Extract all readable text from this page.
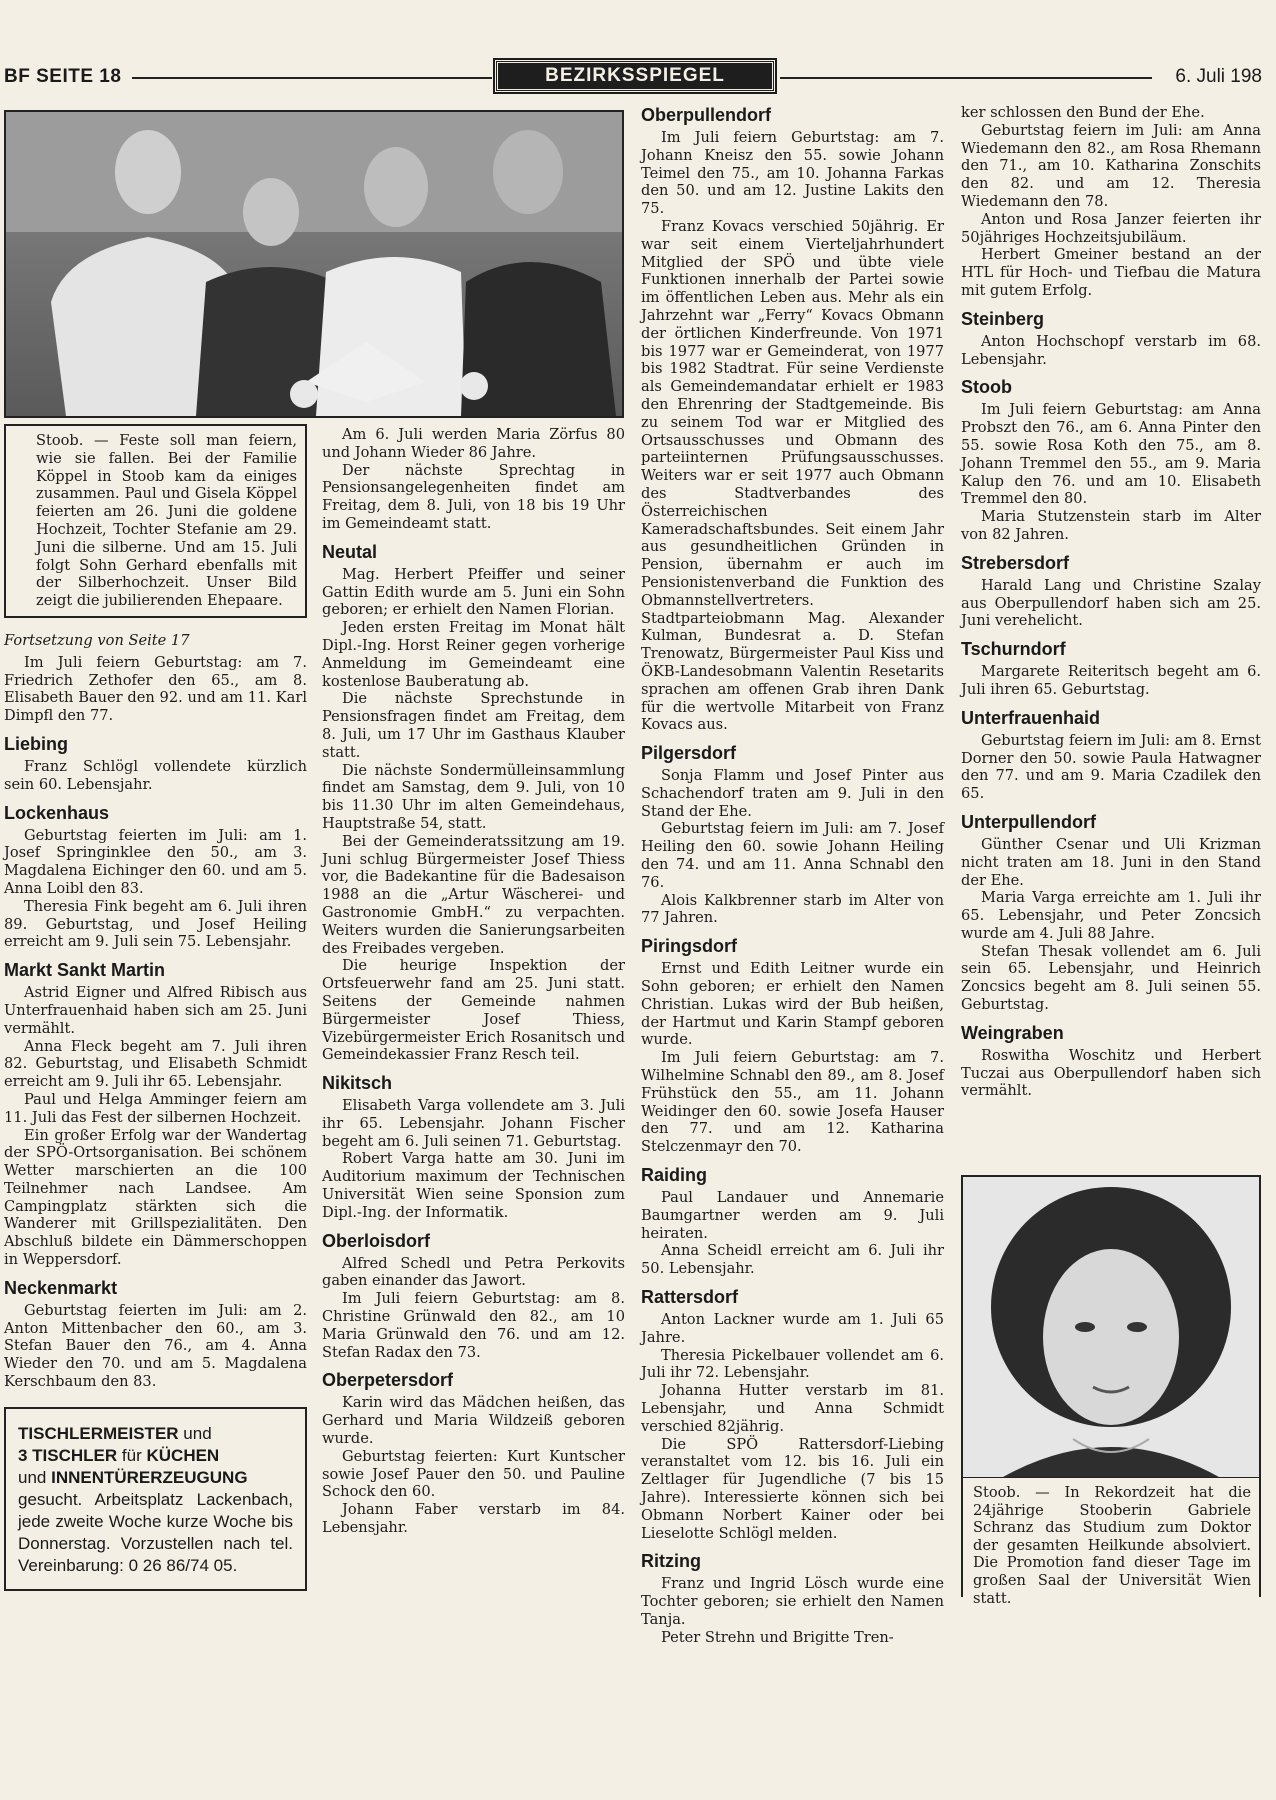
BF SEITE 18	BEZIRKSSPIEGEL	6. Juli 198

Stoob. — Feste soll man feiern, wie sie fallen. Bei der Familie Köppel in Stoob kam da einiges zusammen. Paul und Gisela Köppel feierten am 26. Juni die goldene Hochzeit, Tochter Stefanie am 29. Juni die silberne. Und am 15. Juli folgt Sohn Gerhard ebenfalls mit der Silberhochzeit. Unser Bild zeigt die jubilierenden Ehepaare.

Fortsetzung von Seite 17

Im Juli feiern Geburtstag: am 7. Friedrich Zethofer den 65., am 8. Elisabeth Bauer den 92. und am 11. Karl Dimpfl den 77.

Liebing

Franz Schlögl vollendete kürzlich sein 60. Lebensjahr.

Lockenhaus

Geburtstag feierten im Juli: am 1. Josef Springinklee den 50., am 3. Magdalena Eichinger den 60. und am 5. Anna Loibl den 83.

Theresia Fink begeht am 6. Juli ihren 89. Geburtstag, und Josef Heiling erreicht am 9. Juli sein 75. Lebensjahr.

Markt Sankt Martin

Astrid Eigner und Alfred Ribisch aus Unterfrauenhaid haben sich am 25. Juni vermählt.

Anna Fleck begeht am 7. Juli ihren 82. Geburtstag, und Elisabeth Schmidt erreicht am 9. Juli ihr 65. Lebensjahr.

Paul und Helga Amminger feiern am 11. Juli das Fest der silbernen Hochzeit.

Ein großer Erfolg war der Wandertag der SPÖ-Ortsorganisation. Bei schönem Wetter marschierten an die 100 Teilnehmer nach Landsee. Am Campingplatz stärkten sich die Wanderer mit Grillspezialitäten. Den Abschluß bildete ein Dämmerschoppen in Weppersdorf.

Neckenmarkt

Geburtstag feierten im Juli: am 2. Anton Mittenbacher den 60., am 3. Stefan Bauer den 76., am 4. Anna Wieder den 70. und am 5. Magdalena Kerschbaum den 83.

TISCHLERMEISTER und
3 TISCHLER für KÜCHEN
und INNENTÜRERZEUGUNG
gesucht. Arbeitsplatz Lackenbach, jede zweite Woche kurze Woche bis Donnerstag. Vorzustellen nach tel. Vereinbarung: 0 26 86/74 05.

Am 6. Juli werden Maria Zörfus 80 und Johann Wieder 86 Jahre.

Der nächste Sprechtag in Pensionsangelegenheiten findet am Freitag, dem 8. Juli, von 18 bis 19 Uhr im Gemeindeamt statt.

Neutal

Mag. Herbert Pfeiffer und seiner Gattin Edith wurde am 5. Juni ein Sohn geboren; er erhielt den Namen Florian.

Jeden ersten Freitag im Monat hält Dipl.-Ing. Horst Reiner gegen vorherige Anmeldung im Gemeindeamt eine kostenlose Bauberatung ab.

Die nächste Sprechstunde in Pensionsfragen findet am Freitag, dem 8. Juli, um 17 Uhr im Gasthaus Klauber statt.

Die nächste Sondermülleinsammlung findet am Samstag, dem 9. Juli, von 10 bis 11.30 Uhr im alten Gemeindehaus, Hauptstraße 54, statt.

Bei der Gemeinderatssitzung am 19. Juni schlug Bürgermeister Josef Thiess vor, die Badekantine für die Badesaison 1988 an die „Artur Wäscherei- und Gastronomie GmbH.“ zu verpachten. Weiters wurden die Sanierungsarbeiten des Freibades vergeben.

Die heurige Inspektion der Ortsfeuerwehr fand am 25. Juni statt. Seitens der Gemeinde nahmen Bürgermeister Josef Thiess, Vizebürgermeister Erich Rosanitsch und Gemeindekassier Franz Resch teil.

Nikitsch

Elisabeth Varga vollendete am 3. Juli ihr 65. Lebensjahr. Johann Fischer begeht am 6. Juli seinen 71. Geburtstag.

Robert Varga hatte am 30. Juni im Auditorium maximum der Technischen Universität Wien seine Sponsion zum Dipl.-Ing. der Informatik.

Oberloisdorf

Alfred Schedl und Petra Perkovits gaben einander das Jawort.

Im Juli feiern Geburtstag: am 8. Christine Grünwald den 82., am 10 Maria Grünwald den 76. und am 12. Stefan Radax den 73.

Oberpetersdorf

Karin wird das Mädchen heißen, das Gerhard und Maria Wildzeiß geboren wurde.

Geburtstag feierten: Kurt Kuntscher sowie Josef Pauer den 50. und Pauline Schock den 60.

Johann Faber verstarb im 84. Lebensjahr.

Oberpullendorf

Im Juli feiern Geburtstag: am 7. Johann Kneisz den 55. sowie Johann Teimel den 75., am 10. Johanna Farkas den 50. und am 12. Justine Lakits den 75.

Franz Kovacs verschied 50jährig. Er war seit einem Vierteljahrhundert Mitglied der SPÖ und übte viele Funktionen innerhalb der Partei sowie im öffentlichen Leben aus. Mehr als ein Jahrzehnt war „Ferry“ Kovacs Obmann der örtlichen Kinderfreunde. Von 1971 bis 1977 war er Gemeinderat, von 1977 bis 1982 Stadtrat. Für seine Verdienste als Gemeindemandatar erhielt er 1983 den Ehrenring der Stadtgemeinde. Bis zu seinem Tod war er Mitglied des Ortsausschusses und Obmann des parteiinternen Prüfungsausschusses. Weiters war er seit 1977 auch Obmann des Stadtverbandes des Österreichischen Kameradschaftsbundes. Seit einem Jahr aus gesundheitlichen Gründen in Pension, übernahm er auch im Pensionistenverband die Funktion des Obmannstellvertreters. Stadtparteiobmann Mag. Alexander Kulman, Bundesrat a. D. Stefan Trenowatz, Bürgermeister Paul Kiss und ÖKB-Landesobmann Valentin Resetarits sprachen am offenen Grab ihren Dank für die wertvolle Mitarbeit von Franz Kovacs aus.

Pilgersdorf

Sonja Flamm und Josef Pinter aus Schachendorf traten am 9. Juli in den Stand der Ehe.

Geburtstag feiern im Juli: am 7. Josef Heiling den 60. sowie Johann Heiling den 74. und am 11. Anna Schnabl den 76.

Alois Kalkbrenner starb im Alter von 77 Jahren.

Piringsdorf

Ernst und Edith Leitner wurde ein Sohn geboren; er erhielt den Namen Christian. Lukas wird der Bub heißen, der Hartmut und Karin Stampf geboren wurde.

Im Juli feiern Geburtstag: am 7. Wilhelmine Schnabl den 89., am 8. Josef Frühstück den 55., am 11. Johann Weidinger den 60. sowie Josefa Hauser den 77. und am 12. Katharina Stelczenmayr den 70.

Raiding

Paul Landauer und Annemarie Baumgartner werden am 9. Juli heiraten.

Anna Scheidl erreicht am 6. Juli ihr 50. Lebensjahr.

Rattersdorf

Anton Lackner wurde am 1. Juli 65 Jahre.

Theresia Pickelbauer vollendet am 6. Juli ihr 72. Lebensjahr.

Johanna Hutter verstarb im 81. Lebensjahr, und Anna Schmidt verschied 82jährig.

Die SPÖ Rattersdorf-Liebing veranstaltet vom 12. bis 16. Juli ein Zeltlager für Jugendliche (7 bis 15 Jahre). Interessierte können sich bei Obmann Norbert Kainer oder bei Lieselotte Schlögl melden.

Ritzing

Franz und Ingrid Lösch wurde eine Tochter geboren; sie erhielt den Namen Tanja.

Peter Strehn und Brigitte Tren-

ker schlossen den Bund der Ehe.

Geburtstag feiern im Juli: am Anna Wiedemann den 82., am Rosa Rhemann den 71., am 10. Katharina Zonschits den 82. und am 12. Theresia Wiedemann den 78.

Anton und Rosa Janzer feierten ihr 50jähriges Hochzeitsjubiläum.

Herbert Gmeiner bestand an der HTL für Hoch- und Tiefbau die Matura mit gutem Erfolg.

Steinberg

Anton Hochschopf verstarb im 68. Lebensjahr.

Stoob

Im Juli feiern Geburtstag: am Anna Probszt den 76., am 6. Anna Pinter den 55. sowie Rosa Koth den 75., am 8. Johann Tremmel den 55., am 9. Maria Kalup den 76. und am 10. Elisabeth Tremmel den 80.

Maria Stutzenstein starb im Alter von 82 Jahren.

Strebersdorf

Harald Lang und Christine Szalay aus Oberpullendorf haben sich am 25. Juni verehelicht.

Tschurndorf

Margarete Reiteritsch begeht am 6. Juli ihren 65. Geburtstag.

Unterfrauenhaid

Geburtstag feiern im Juli: am 8. Ernst Dorner den 50. sowie Paula Hatwagner den 77. und am 9. Maria Czadilek den 65.

Unterpullendorf

Günther Csenar und Uli Krizman nicht traten am 18. Juni in den Stand der Ehe.

Maria Varga erreichte am 1. Juli ihr 65. Lebensjahr, und Peter Zoncsich wurde am 4. Juli 88 Jahre.

Stefan Thesak vollendet am 6. Juli sein 65. Lebensjahr, und Heinrich Zoncsics begeht am 8. Juli seinen 55. Geburtstag.

Weingraben

Roswitha Woschitz und Herbert Tuczai aus Oberpullendorf haben sich vermählt.

Stoob. — In Rekordzeit hat die 24jährige Stooberin Gabriele Schranz das Studium zum Doktor der gesamten Heilkunde absolviert. Die Promotion fand dieser Tage im großen Saal der Universität Wien statt.
